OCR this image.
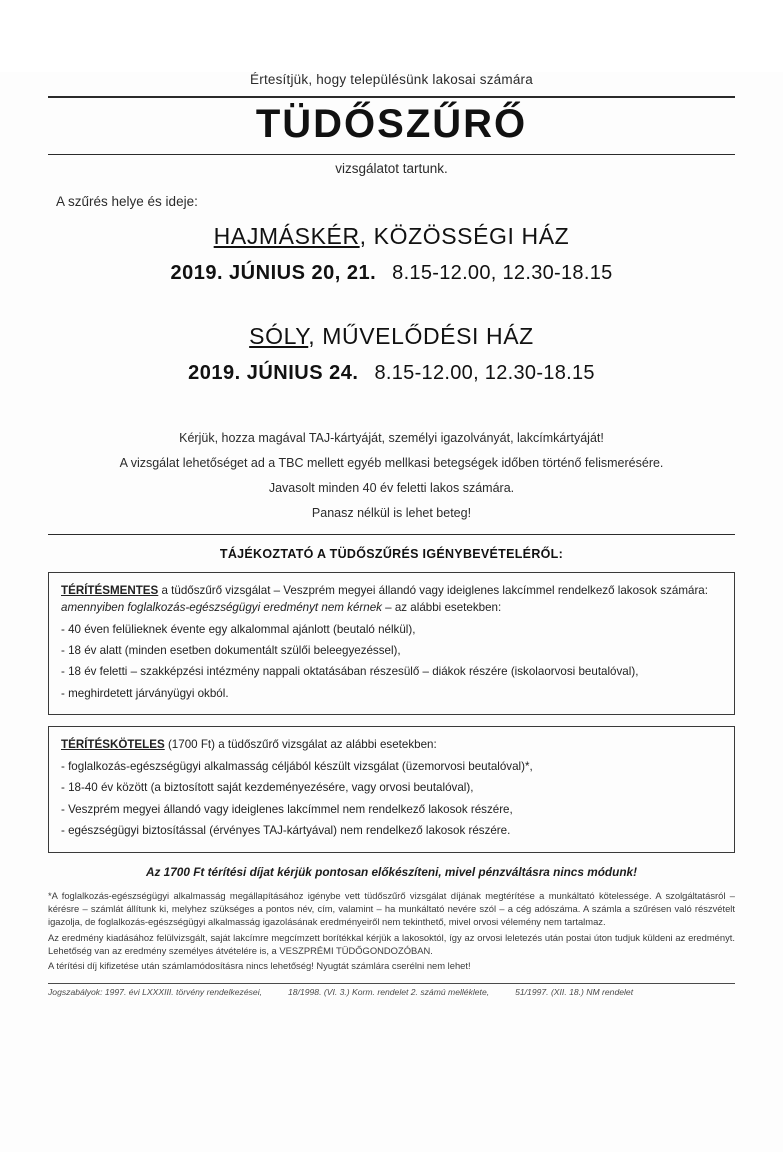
Értesítjük, hogy településünk lakosai számára
TÜDŐSZŰRŐ
vizsgálatot tartunk.
A szűrés helye és ideje:
HAJMÁSKÉR, KÖZÖSSÉGI HÁZ
2019. JÚNIUS 20, 21. 8.15-12.00, 12.30-18.15
SÓLY, MŰVELŐDÉSI HÁZ
2019. JÚNIUS 24. 8.15-12.00, 12.30-18.15

Kérjük, hozza magával TAJ-kártyáját, személyi igazolványát, lakcímkártyáját!

A vizsgálat lehetőséget ad a TBC mellett egyéb mellkasi betegségek időben történő felismerésére.

Javasolt minden 40 év feletti lakos számára.

Panasz nélkül is lehet beteg!

TÁJÉKOZTATÓ A TÜDŐSZŰRÉS IGÉNYBEVÉTELÉRŐL:

TÉRÍTÉSMENTES a tüdőszűrő vizsgálat – Veszprém megyei állandó vagy ideiglenes lakcímmel rendelkező lakosok számára: amennyiben foglalkozás-egészségügyi eredményt nem kérnek – az alábbi esetekben:

- 40 éven felülieknek évente egy alkalommal ajánlott (beutaló nélkül),
- 18 év alatt (minden esetben dokumentált szülői beleegyezéssel),
- 18 év feletti – szakképzési intézmény nappali oktatásában részesülő – diákok részére (iskolaorvosi beutalóval),
- meghirdetett járványügyi okból.

TÉRÍTÉSKÖTELES (1700 Ft) a tüdőszűrő vizsgálat az alábbi esetekben:

- foglalkozás-egészségügyi alkalmasság céljából készült vizsgálat (üzemorvosi beutalóval)*,
- 18-40 év között (a biztosított saját kezdeményezésére, vagy orvosi beutalóval),
- Veszprém megyei állandó vagy ideiglenes lakcímmel nem rendelkező lakosok részére,
- egészségügyi biztosítással (érvényes TAJ-kártyával) nem rendelkező lakosok részére.
Az 1700 Ft térítési díjat kérjük pontosan előkészíteni, mivel pénzváltásra nincs módunk!

*A foglalkozás-egészségügyi alkalmasság megállapításához igénybe vett tüdőszűrő vizsgálat díjának megtérítése a munkáltató kötelessége. A szolgáltatásról – kérésre – számlát állítunk ki, melyhez szükséges a pontos név, cím, valamint – ha munkáltató nevére szól – a cég adószáma. A számla a szűrésen való részvételt igazolja, de foglalkozás-egészségügyi alkalmasság igazolásának eredményeiről nem tekinthető, mivel orvosi vélemény nem tartalmaz.

Az eredmény kiadásához felülvizsgált, saját lakcímre megcímzett borítékkal kérjük a lakosoktól, így az orvosi leletezés után postai úton tudjuk küldeni az eredményt. Lehetőség van az eredmény személyes átvételére is, a VESZPRÉMI TÜDŐGONDOZÓBAN.

A térítési díj kifizetése után számlamódosításra nincs lehetőség! Nyugtát számlára cserélni nem lehet!

Jogszabályok: 1997. évi LXXXIII. törvény rendelkezései,	18/1998. (VI. 3.) Korm. rendelet 2. számú melléklete,	51/1997. (XII. 18.) NM rendelet
